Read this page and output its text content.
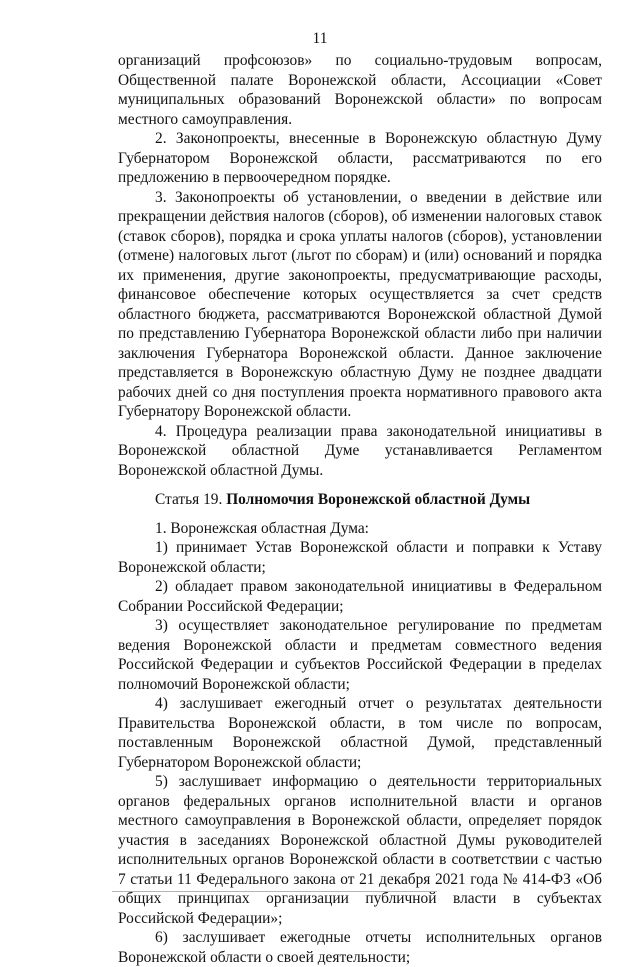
11

организаций профсоюзов» по социально-трудовым вопросам, Общественной палате Воронежской области, Ассоциации «Совет муниципальных образований Воронежской области» по вопросам местного самоуправления.

2. Законопроекты, внесенные в Воронежскую областную Думу Губернатором Воронежской области, рассматриваются по его предложению в первоочередном порядке.

3. Законопроекты об установлении, о введении в действие или прекращении действия налогов (сборов), об изменении налоговых ставок (ставок сборов), порядка и срока уплаты налогов (сборов), установлении (отмене) налоговых льгот (льгот по сборам) и (или) оснований и порядка их применения, другие законопроекты, предусматривающие расходы, финансовое обеспечение которых осуществляется за счет средств областного бюджета, рассматриваются Воронежской областной Думой по представлению Губернатора Воронежской области либо при наличии заключения Губернатора Воронежской области. Данное заключение представляется в Воронежскую областную Думу не позднее двадцати рабочих дней со дня поступления проекта нормативного правового акта Губернатору Воронежской области.

4. Процедура реализации права законодательной инициативы в Воронежской областной Думе устанавливается Регламентом Воронежской областной Думы.

Статья 19. Полномочия Воронежской областной Думы

1. Воронежская областная Дума:

1) принимает Устав Воронежской области и поправки к Уставу Воронежской области;

2) обладает правом законодательной инициативы в Федеральном Собрании Российской Федерации;

3) осуществляет законодательное регулирование по предметам ведения Воронежской области и предметам совместного ведения Российской Федерации и субъектов Российской Федерации в пределах полномочий Воронежской области;

4) заслушивает ежегодный отчет о результатах деятельности Правительства Воронежской области, в том числе по вопросам, поставленным Воронежской областной Думой, представленный Губернатором Воронежской области;

5) заслушивает информацию о деятельности территориальных органов федеральных органов исполнительной власти и органов местного самоуправления в Воронежской области, определяет порядок участия в заседаниях Воронежской областной Думы руководителей исполнительных органов Воронежской области в соответствии с частью 7 статьи 11 Федерального закона от 21 декабря 2021 года № 414-ФЗ «Об общих принципах организации публичной власти в субъектах Российской Федерации»;

6) заслушивает ежегодные отчеты исполнительных органов Воронежской области о своей деятельности;
